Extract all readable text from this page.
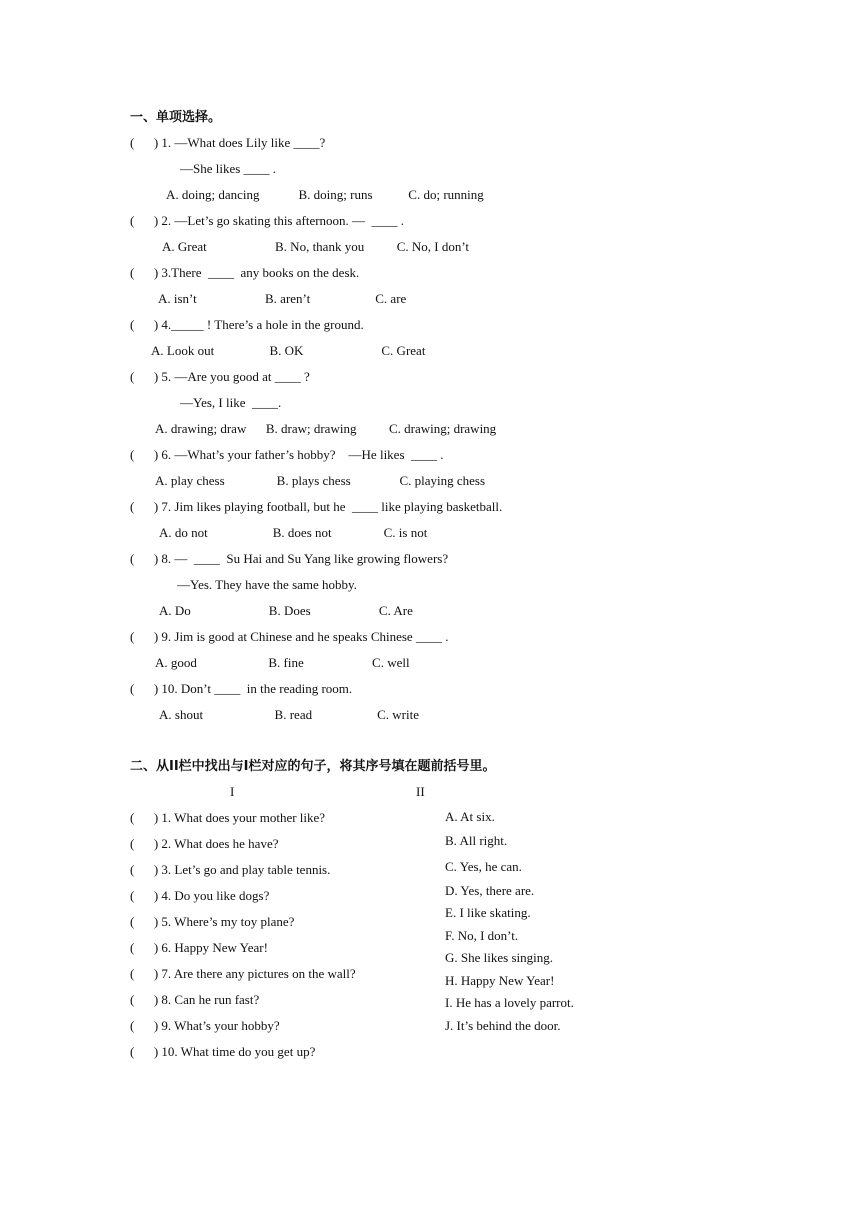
一、单项选择。
(      ) 1. —What does Lily like ____?
—She likes ____ .
A. doing; dancing            B. doing; runs           C. do; running
(      ) 2. —Let’s go skating this afternoon. —  ____ .
A. Great                     B. No, thank you          C. No, I don’t
(      ) 3.There  ____  any books on the desk.
A. isn’t                     B. aren’t                    C. are
(      ) 4._____ ! There’s a hole in the ground.
A. Look out                 B. OK                        C. Great
(      ) 5. —Are you good at ____ ?
—Yes, I like  ____.
A. drawing; draw      B. draw; drawing          C. drawing; drawing
(      ) 6. —What’s your father’s hobby?    —He likes  ____ .
A. play chess                B. plays chess               C. playing chess
(      ) 7. Jim likes playing football, but he  ____ like playing basketball.
A. do not                    B. does not                C. is not
(      ) 8. —  ____  Su Hai and Su Yang like growing flowers?
—Yes. They have the same hobby.
A. Do                        B. Does                     C. Are
(      ) 9. Jim is good at Chinese and he speaks Chinese ____ .
A. good                      B. fine                     C. well
(      ) 10. Don’t ____  in the reading room.
A. shout                      B. read                    C. write
二、从II栏中找出与I栏对应的句子，将其序号填在题前括号里。
I	II
(      ) 1. What does your mother like?
(      ) 2. What does he have?
(      ) 3. Let’s go and play table tennis.
(      ) 4. Do you like dogs?
(      ) 5. Where’s my toy plane?
(      ) 6. Happy New Year!
(      ) 7. Are there any pictures on the wall?
(      ) 8. Can he run fast?
(      ) 9. What’s your hobby?
(      ) 10. What time do you get up?
A. At six.
B. All right.
C. Yes, he can.
D. Yes, there are.
E. I like skating.
F. No, I don’t.
G. She likes singing.
H. Happy New Year!
I. He has a lovely parrot.
J. It’s behind the door.
